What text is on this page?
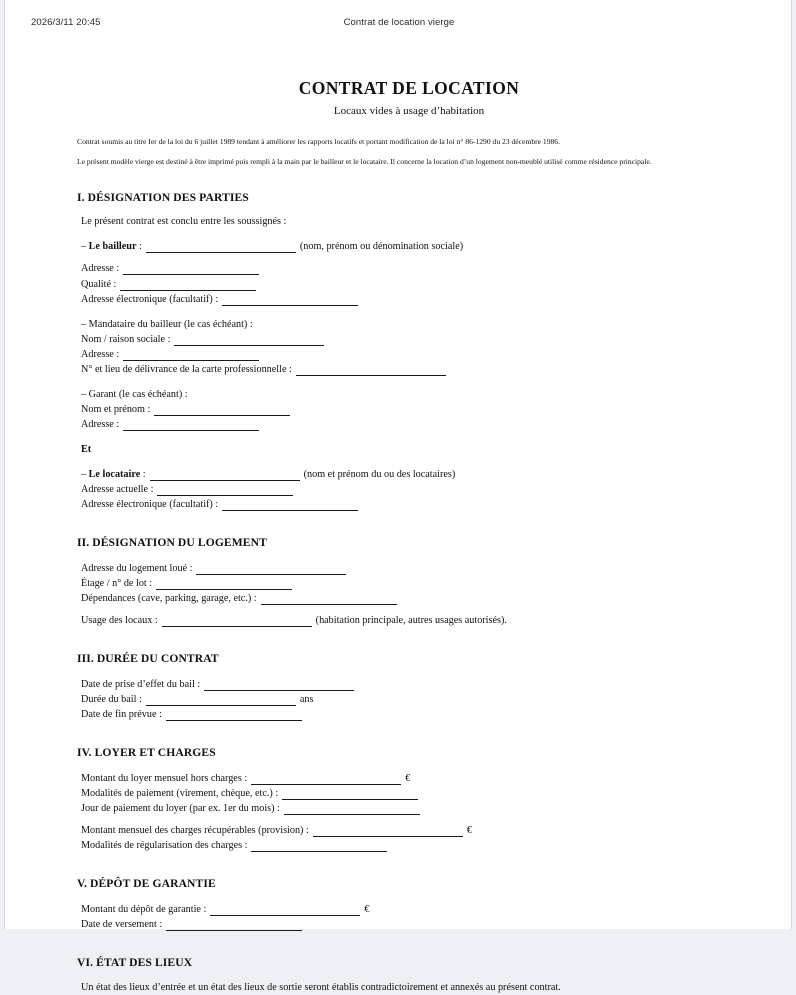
2026/3/11 20:45	Contrat de location vierge
CONTRAT DE LOCATION

Locaux vides à usage d’habitation

Contrat soumis au titre Ier de la loi du 6 juillet 1989 tendant à améliorer les rapports locatifs et portant modification de la loi n° 86-1290 du 23 décembre 1986.

Le présent modèle vierge est destiné à être imprimé puis rempli à la main par le bailleur et le locataire. Il concerne la location d’un logement non-meublé utilisé comme résidence principale.

I. DÉSIGNATION DES PARTIES

Le présent contrat est conclu entre les soussignés :

– Le bailleur :	(nom, prénom ou dénomination sociale)

Adresse :

Qualité :

Adresse électronique (facultatif) :

– Mandataire du bailleur (le cas échéant) :

Nom / raison sociale :

Adresse :

N° et lieu de délivrance de la carte professionnelle :

– Garant (le cas échéant) :

Nom et prénom :

Adresse :

Et

– Le locataire :	(nom et prénom du ou des locataires)

Adresse actuelle :

Adresse électronique (facultatif) :

II. DÉSIGNATION DU LOGEMENT

Adresse du logement loué :

Étage / n° de lot :

Dépendances (cave, parking, garage, etc.) :

Usage des locaux :	(habitation principale, autres usages autorisés).

III. DURÉE DU CONTRAT

Date de prise d’effet du bail :

Durée du bail :	ans

Date de fin prévue :

IV. LOYER ET CHARGES

Montant du loyer mensuel hors charges :	€

Modalités de paiement (virement, chèque, etc.) :

Jour de paiement du loyer (par ex. 1er du mois) :

Montant mensuel des charges récupérables (provision) :	€

Modalités de régularisation des charges :

V. DÉPÔT DE GARANTIE

Montant du dépôt de garantie :	€

Date de versement :

VI. ÉTAT DES LIEUX

Un état des lieux d’entrée et un état des lieux de sortie seront établis contradictoirement et annexés au présent contrat.
